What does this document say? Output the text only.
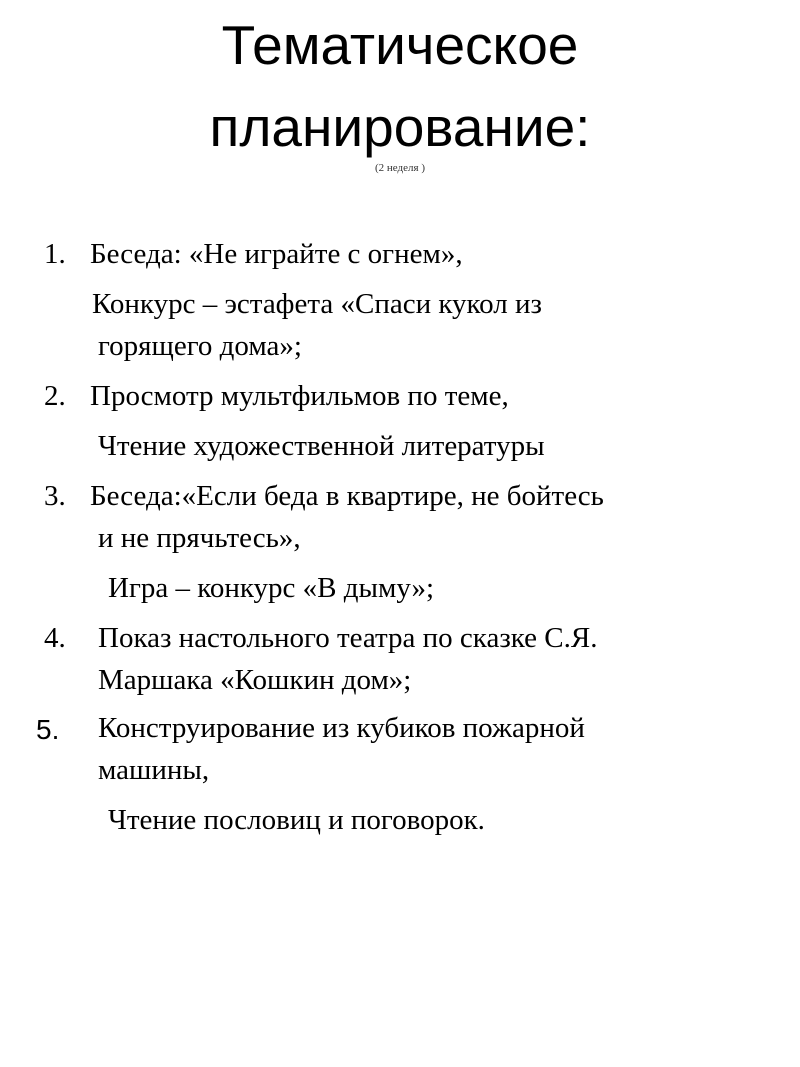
Тематическое
планирование:
(2 неделя )
1. Беседа: «Не играйте с огнем»,
Конкурс – эстафета «Спаси кукол из
горящего дома»;
2. Просмотр мультфильмов по теме,
Чтение художественной литературы
3. Беседа:«Если беда в квартире, не бойтесь
и не прячьтесь»,
Игра – конкурс «В дыму»;
4. Показ настольного театра по сказке С.Я.
Маршака «Кошкин дом»;
5. Конструирование из кубиков пожарной
машины,
Чтение пословиц и поговорок.
